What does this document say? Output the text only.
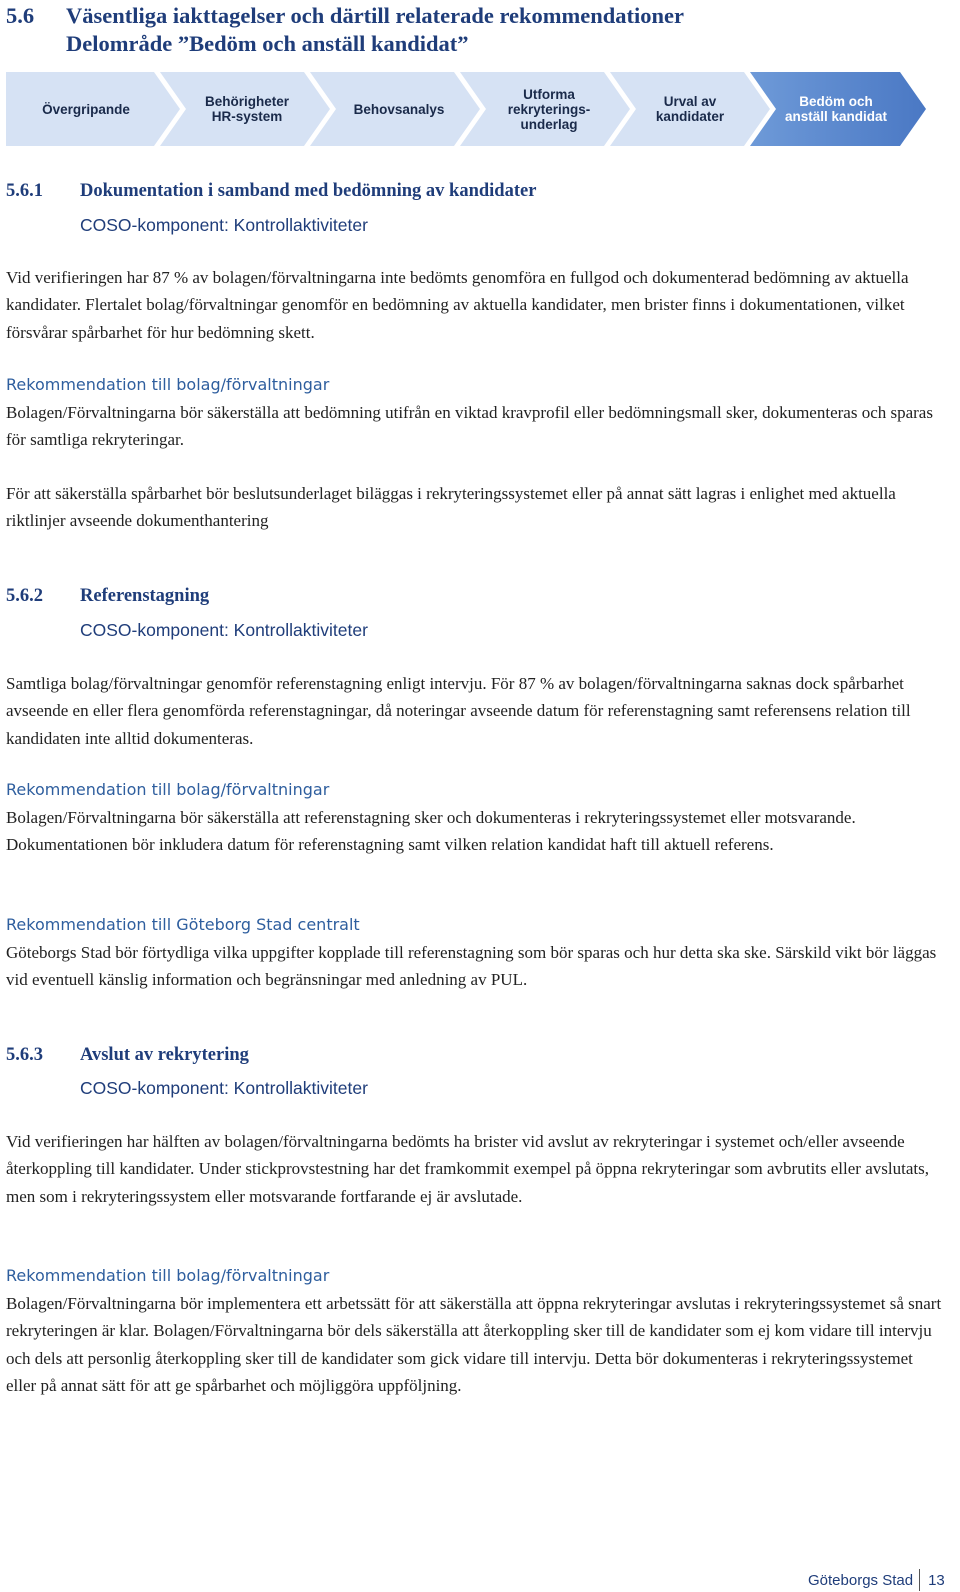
5.6 Väsentliga iakttagelser och därtill relaterade rekommendationer
Delområde ”Bedöm och anställ kandidat”
Övergripande	Behörigheter
HR-system	Behovsanalys
Utforma
rekryterings-
underlag
Urval av
kandidater
Bedöm och
anställ kandidat
5.6.1 Dokumentation i samband med bedömning av kandidater
COSO-komponent: Kontrollaktiviteter
Vid verifieringen har 87 % av bolagen/förvaltningarna inte bedömts genomföra en fullgod och dokumenterad bedömning av aktuella kandidater. Flertalet bolag/förvaltningar genomför en bedömning av aktuella kandidater, men brister finns i dokumentationen, vilket försvårar spårbarhet för hur bedömning skett.
Rekommendation till bolag/förvaltningar
Bolagen/Förvaltningarna bör säkerställa att bedömning utifrån en viktad kravprofil eller bedömningsmall sker, dokumenteras och sparas för samtliga rekryteringar.
För att säkerställa spårbarhet bör beslutsunderlaget biläggas i rekryteringssystemet eller på annat sätt lagras i enlighet med aktuella riktlinjer avseende dokumenthantering
5.6.2 Referenstagning
COSO-komponent: Kontrollaktiviteter
Samtliga bolag/förvaltningar genomför referenstagning enligt intervju. För 87 % av bolagen/förvaltningarna saknas dock spårbarhet avseende en eller flera genomförda referenstagningar, då noteringar avseende datum för referenstagning samt referensens relation till kandidaten inte alltid dokumenteras.
Rekommendation till bolag/förvaltningar
Bolagen/Förvaltningarna bör säkerställa att referenstagning sker och dokumenteras i rekryteringssystemet eller motsvarande. Dokumentationen bör inkludera datum för referenstagning samt vilken relation kandidat haft till aktuell referens.
Rekommendation till Göteborg Stad centralt
Göteborgs Stad bör förtydliga vilka uppgifter kopplade till referenstagning som bör sparas och hur detta ska ske. Särskild vikt bör läggas vid eventuell känslig information och begränsningar med anledning av PUL.
5.6.3 Avslut av rekrytering
COSO-komponent: Kontrollaktiviteter
Vid verifieringen har hälften av bolagen/förvaltningarna bedömts ha brister vid avslut av rekryteringar i systemet och/eller avseende återkoppling till kandidater. Under stickprovstestning har det framkommit exempel på öppna rekryteringar som avbrutits eller avslutats, men som i rekryteringssystem eller motsvarande fortfarande ej är avslutade.
Rekommendation till bolag/förvaltningar
Bolagen/Förvaltningarna bör implementera ett arbetssätt för att säkerställa att öppna rekryteringar avslutas i rekryteringssystemet så snart rekryteringen är klar. Bolagen/Förvaltningarna bör dels säkerställa att återkoppling sker till de kandidater som ej kom vidare till intervju och dels att personlig återkoppling sker till de kandidater som gick vidare till intervju. Detta bör dokumenteras i rekryteringssystemet eller på annat sätt för att ge spårbarhet och möjliggöra uppföljning.
Göteborgs Stad 13
